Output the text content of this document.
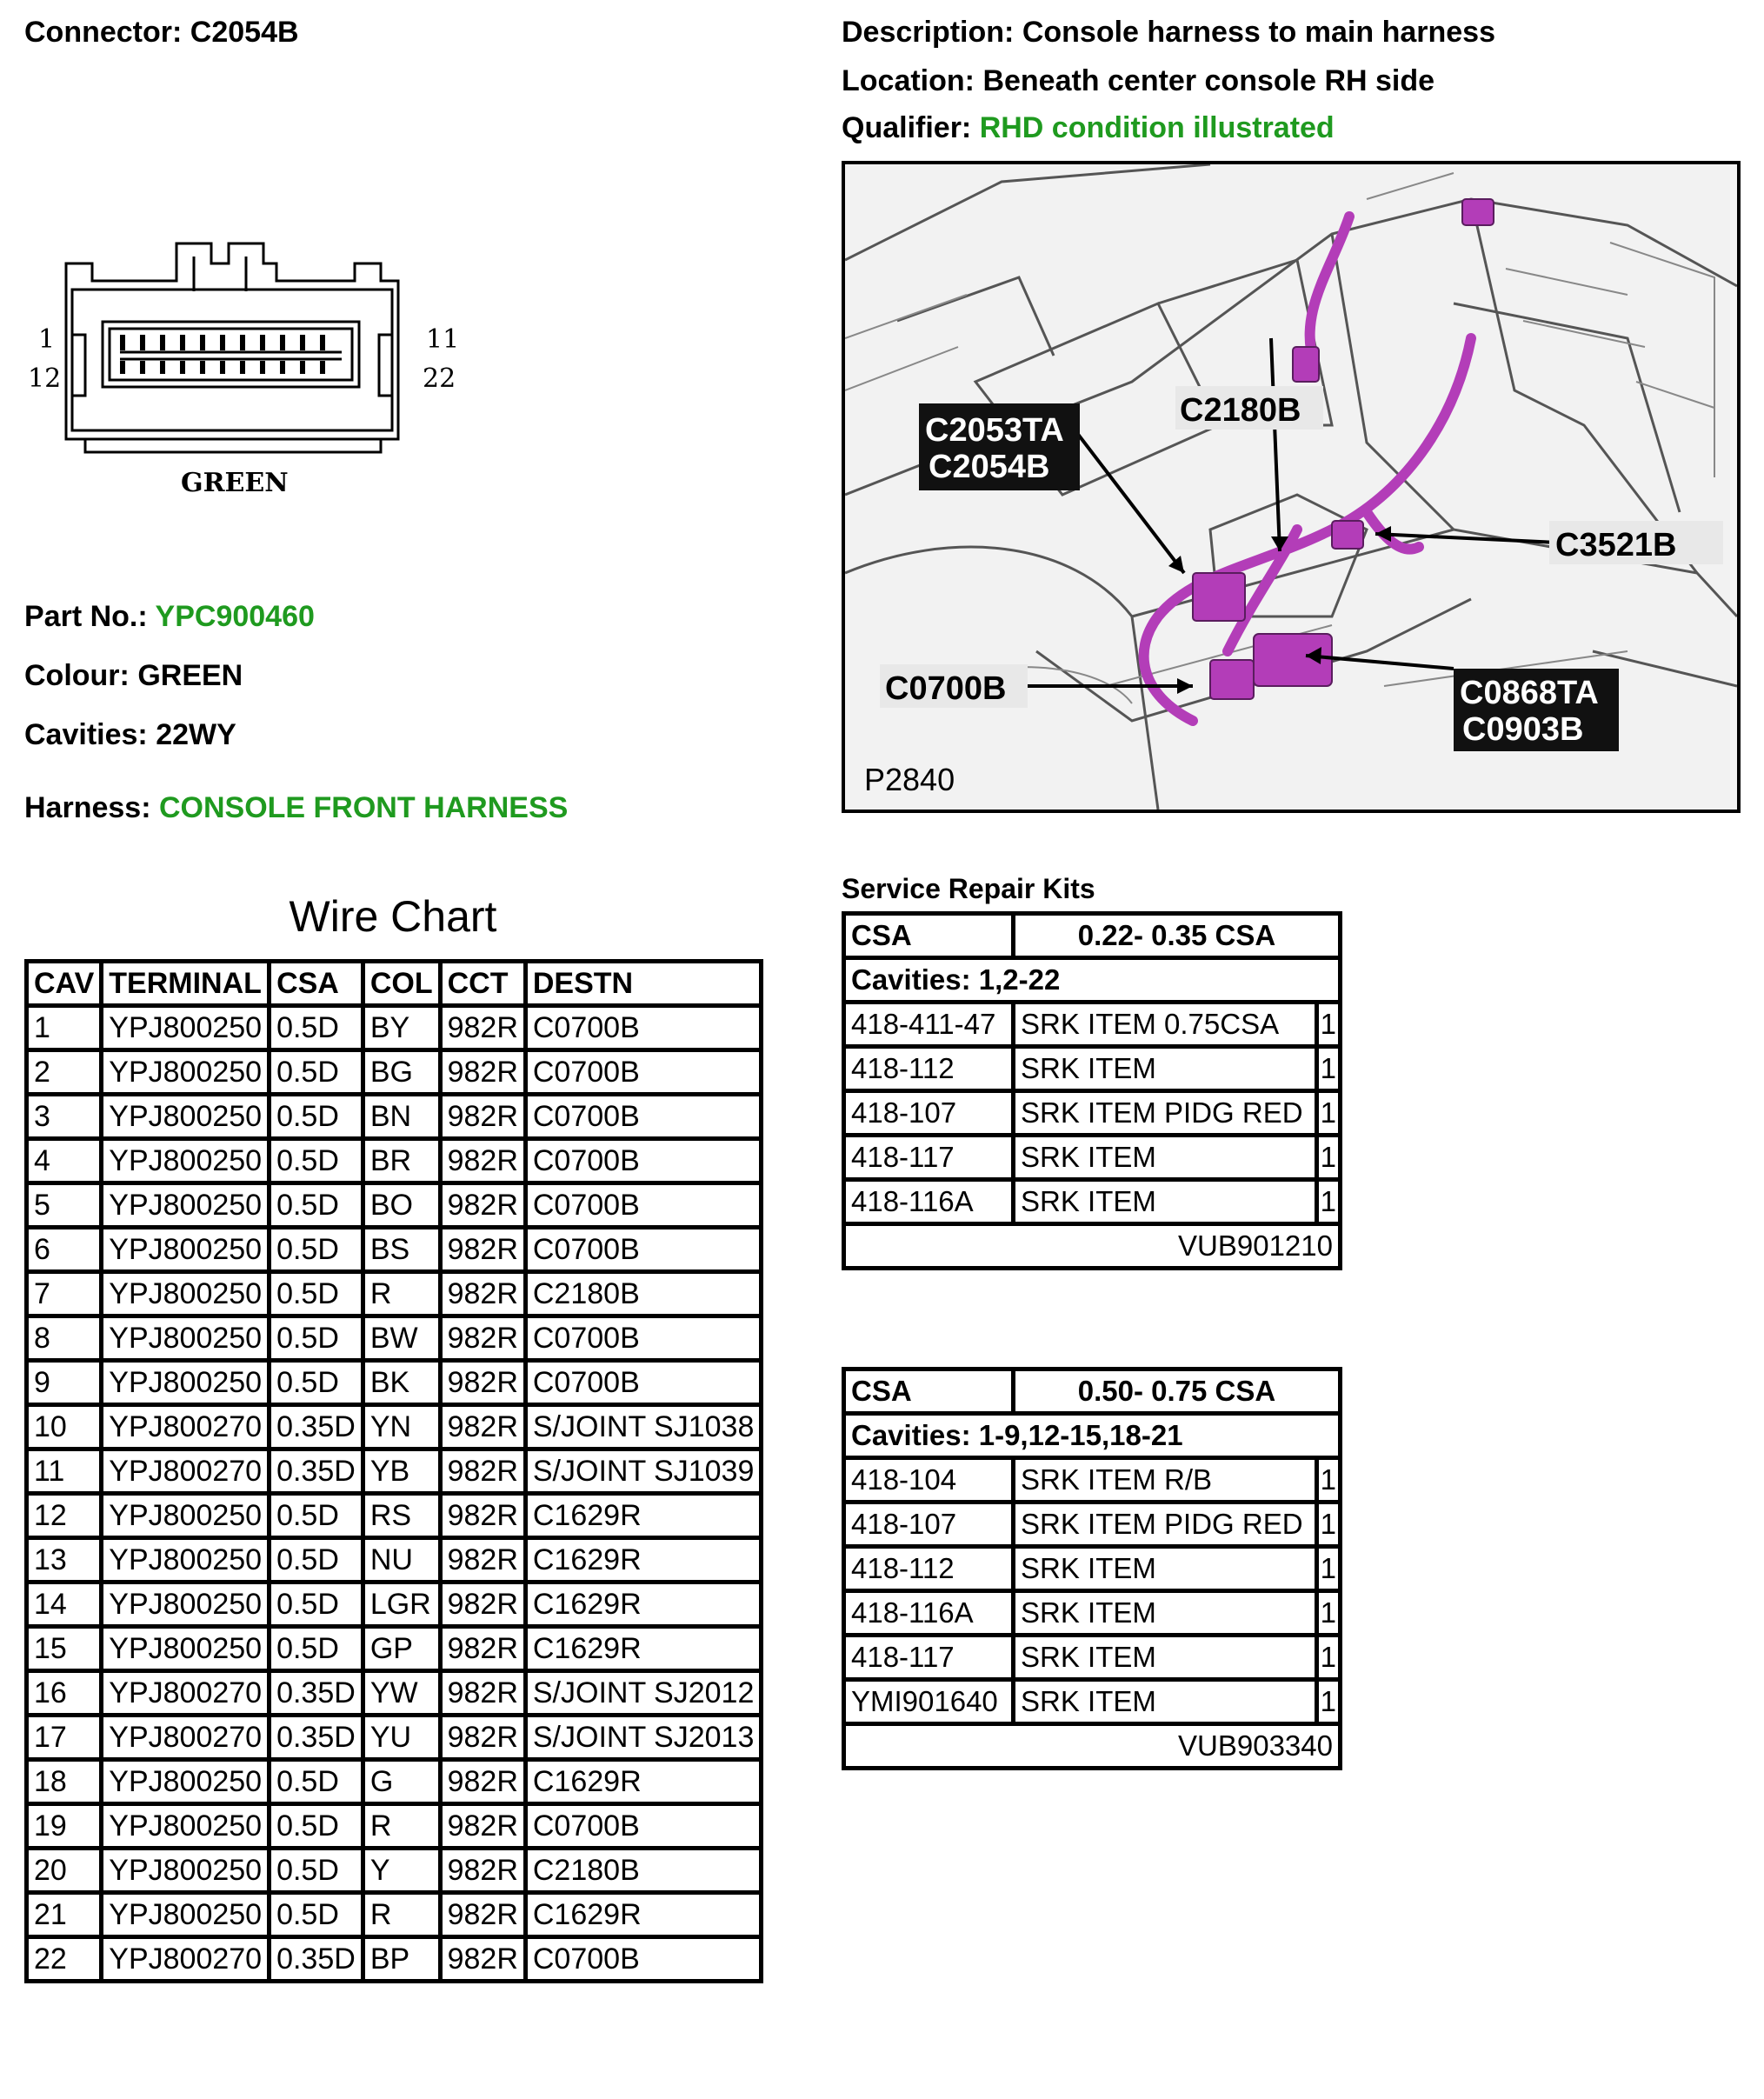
Connector: C2054B
1
12
11
22
GREEN
Part No.: YPC900460
Colour: GREEN
Cavities: 22WY
Harness: CONSOLE FRONT HARNESS
Description: Console harness to main harness
Location: Beneath center console RH side
Qualifier: RHD condition illustrated
C2053TA
C2054B
C2180B
C3521B
C0700B	C0868TA
C0903B
P2840
Wire Chart
CAV	TERMINAL	CSA	COL	CCT	DESTN
1	YPJ800250	0.5D	BY	982R	C0700B
2	YPJ800250	0.5D	BG	982R	C0700B
3	YPJ800250	0.5D	BN	982R	C0700B
4	YPJ800250	0.5D	BR	982R	C0700B
5	YPJ800250	0.5D	BO	982R	C0700B
6	YPJ800250	0.5D	BS	982R	C0700B
7	YPJ800250	0.5D	R	982R	C2180B
8	YPJ800250	0.5D	BW	982R	C0700B
9	YPJ800250	0.5D	BK	982R	C0700B
10	YPJ800270	0.35D	YN	982R	S/JOINT SJ1038
11	YPJ800270	0.35D	YB	982R	S/JOINT SJ1039
12	YPJ800250	0.5D	RS	982R	C1629R
13	YPJ800250	0.5D	NU	982R	C1629R
14	YPJ800250	0.5D	LGR	982R	C1629R
15	YPJ800250	0.5D	GP	982R	C1629R
16	YPJ800270	0.35D	YW	982R	S/JOINT SJ2012
17	YPJ800270	0.35D	YU	982R	S/JOINT SJ2013
18	YPJ800250	0.5D	G	982R	C1629R
19	YPJ800250	0.5D	R	982R	C0700B
20	YPJ800250	0.5D	Y	982R	C2180B
21	YPJ800250	0.5D	R	982R	C1629R
22	YPJ800270	0.35D	BP	982R	C0700B
Service Repair Kits
CSA	0.22- 0.35 CSA	
Cavities: 1,2-22		
418-411-47	SRK ITEM 0.75CSA	1
418-112	SRK ITEM	1
418-107	SRK ITEM PIDG RED	1
418-117	SRK ITEM	1
418-116A	SRK ITEM	1
VUB901210		
CSA	0.50- 0.75 CSA	
Cavities: 1-9,12-15,18-21		
418-104	SRK ITEM R/B	1
418-107	SRK ITEM PIDG RED	1
418-112	SRK ITEM	1
418-116A	SRK ITEM	1
418-117	SRK ITEM	1
YMI901640	SRK ITEM	1
VUB903340		
